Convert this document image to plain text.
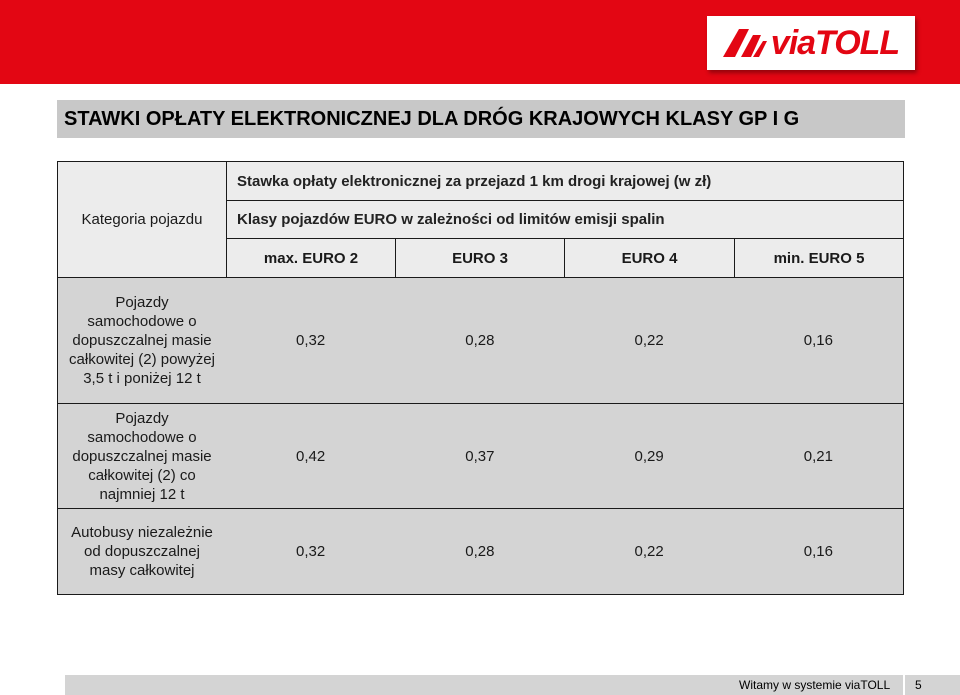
viaTOLL
STAWKI OPŁATY ELEKTRONICZNEJ DLA DRÓG KRAJOWYCH KLASY GP I G
Kategoria pojazdu
Stawka opłaty elektronicznej za przejazd 1 km drogi krajowej (w zł)
Klasy pojazdów EURO w zależności od limitów emisji spalin
max. EURO 2	EURO 3	EURO 4	min. EURO 5
Pojazdy samochodowe o dopuszczalnej masie całkowitej (2) powyżej 3,5 t i poniżej 12 t
0,32	0,28	0,22	0,16
Pojazdy samochodowe o dopuszczalnej masie całkowitej (2) co najmniej 12 t
0,42	0,37	0,29	0,21
Autobusy niezależnie od dopuszczalnej masy całkowitej
0,32	0,28	0,22	0,16
Witamy w systemie viaTOLL 5
